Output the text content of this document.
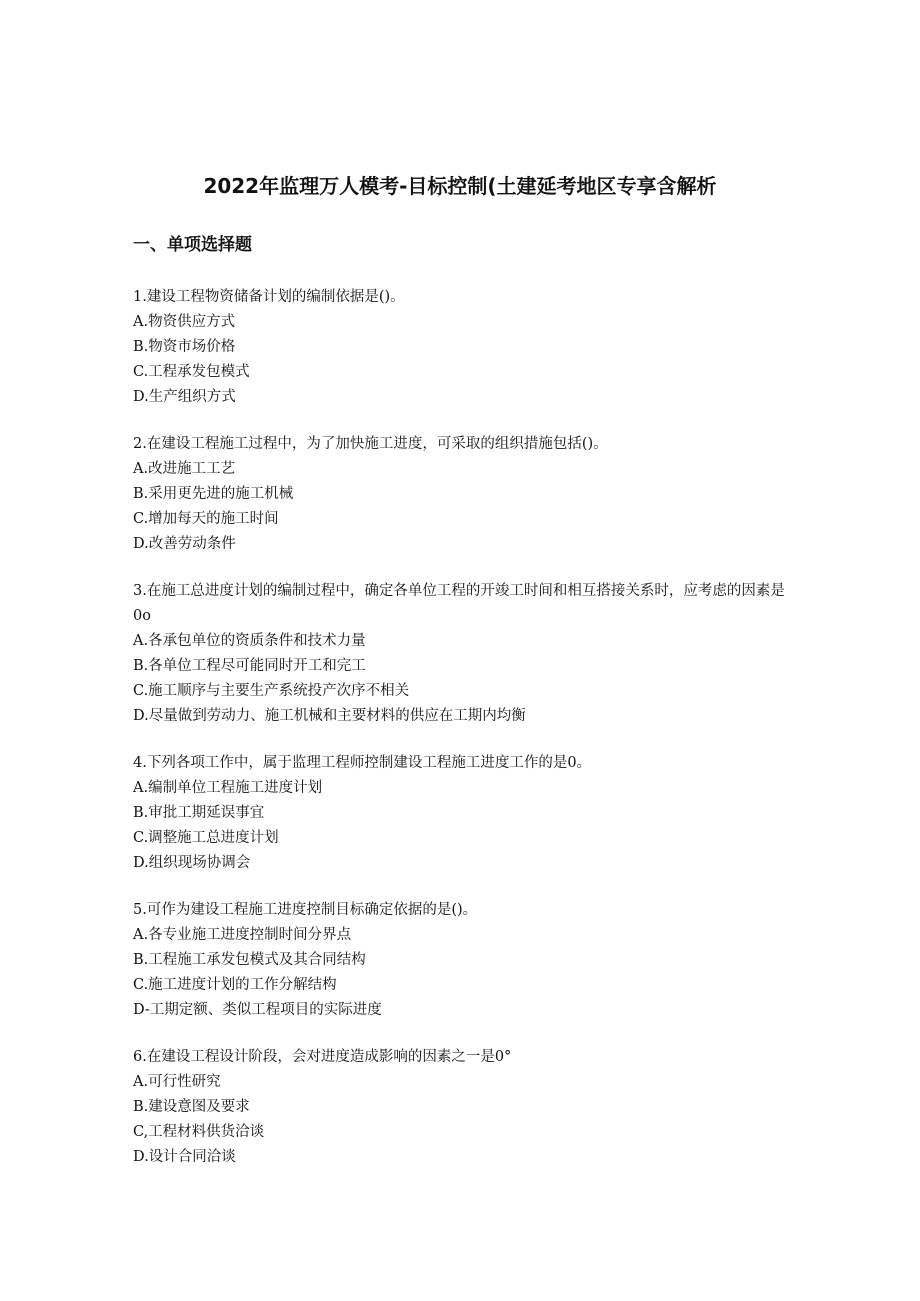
2022年监理万人模考-目标控制(土建延考地区专享含解析
一、单项选择题

1.建设工程物资储备计划的编制依据是()。

A.物资供应方式

B.物资市场价格

C.工程承发包模式

D.生产组织方式

2.在建设工程施工过程中，为了加快施工进度，可采取的组织措施包括()。

A.改进施工工艺

B.采用更先进的施工机械

C.增加每天的施工时间

D.改善劳动条件

3.在施工总进度计划的编制过程中，确定各单位工程的开竣工时间和相互搭接关系时，应考虑的因素是0o

A.各承包单位的资质条件和技术力量

B.各单位工程尽可能同时开工和完工

C.施工顺序与主要生产系统投产次序不相关

D.尽量做到劳动力、施工机械和主要材料的供应在工期内均衡

4.下列各项工作中，属于监理工程师控制建设工程施工进度工作的是0。

A.编制单位工程施工进度计划

B.审批工期延误事宜

C.调整施工总进度计划

D.组织现场协调会

5.可作为建设工程施工进度控制目标确定依据的是()。

A.各专业施工进度控制时间分界点

B.工程施工承发包模式及其合同结构

C.施工进度计划的工作分解结构

D-工期定额、类似工程项目的实际进度

6.在建设工程设计阶段，会对进度造成影响的因素之一是0°

A.可行性研究

B.建设意图及要求

C,工程材料供货洽谈

D.设计合同洽谈
